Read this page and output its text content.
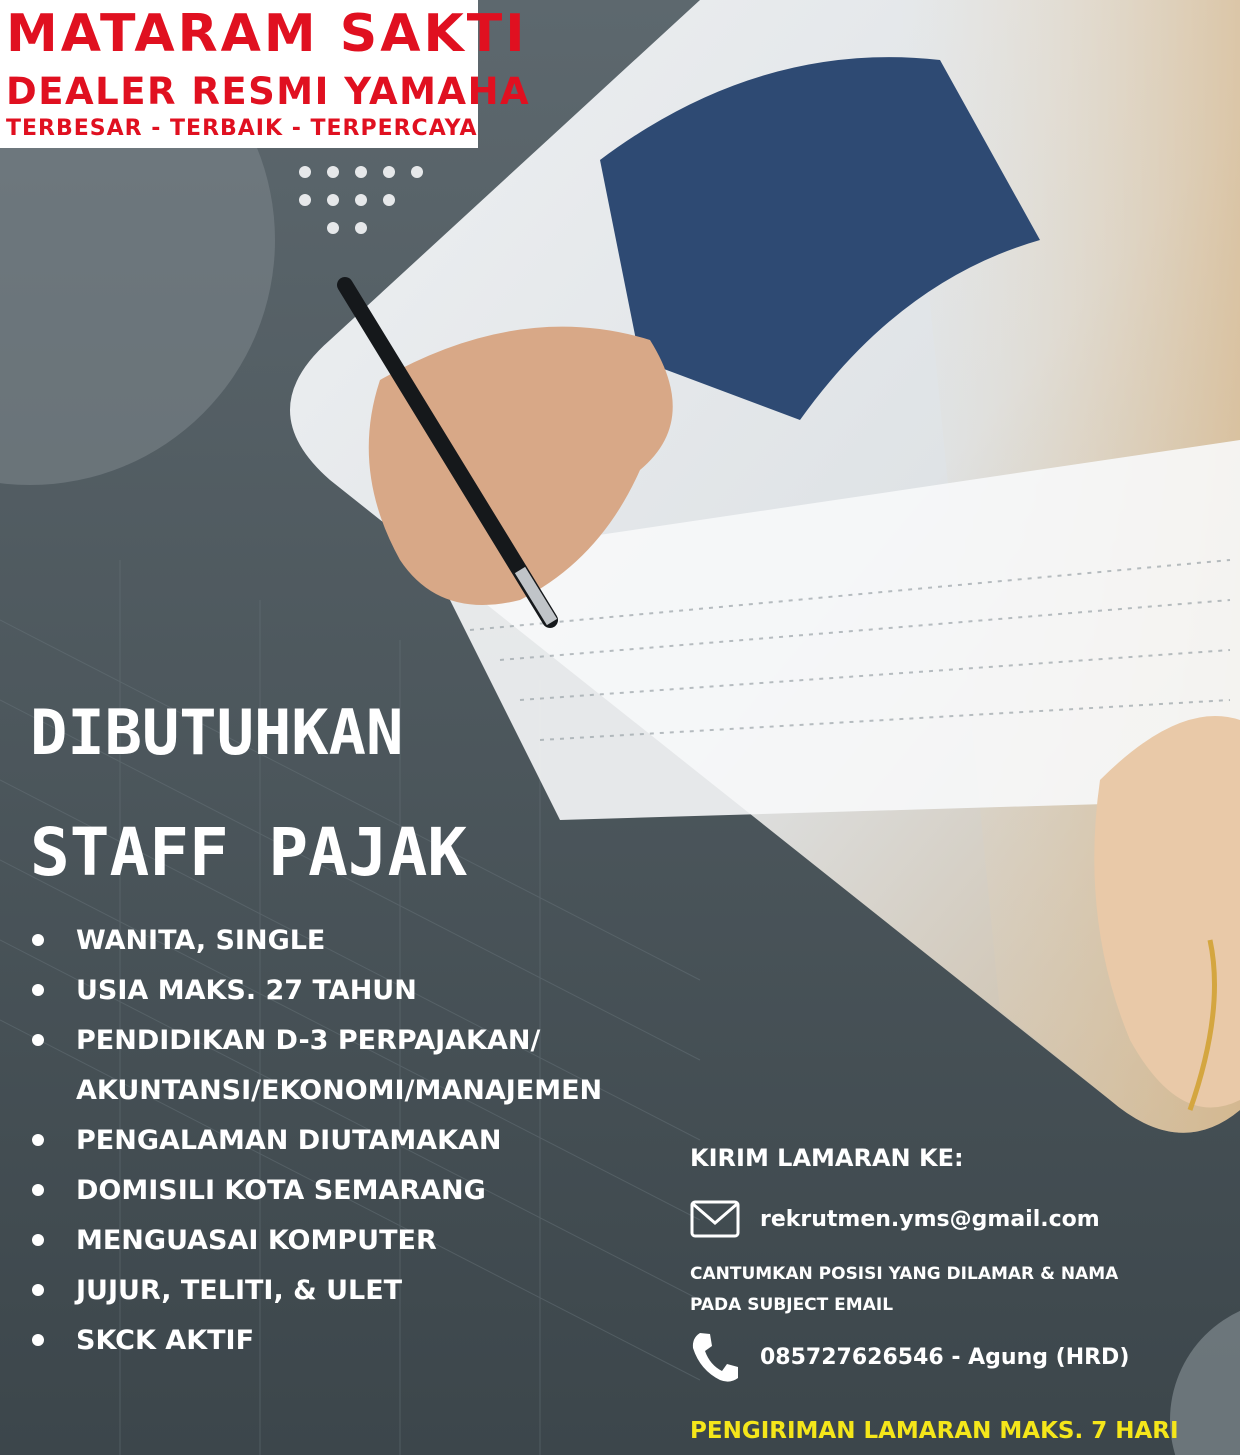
MATARAM SAKTI
DEALER RESMI YAMAHA
TERBESAR - TERBAIK - TERPERCAYA
DIBUTUHKAN
STAFF PAJAK
WANITA, SINGLE
USIA MAKS. 27 TAHUN
PENDIDIKAN D-3 PERPAJAKAN/
AKUNTANSI/EKONOMI/MANAJEMEN
PENGALAMAN DIUTAMAKAN
DOMISILI KOTA SEMARANG
MENGUASAI KOMPUTER
JUJUR, TELITI, & ULET
SKCK AKTIF
KIRIM LAMARAN KE:
rekrutmen.yms@gmail.com
CANTUMKAN POSISI YANG DILAMAR & NAMA PADA SUBJECT EMAIL
085727626546 - Agung (HRD)
PENGIRIMAN LAMARAN MAKS. 7 HARI
